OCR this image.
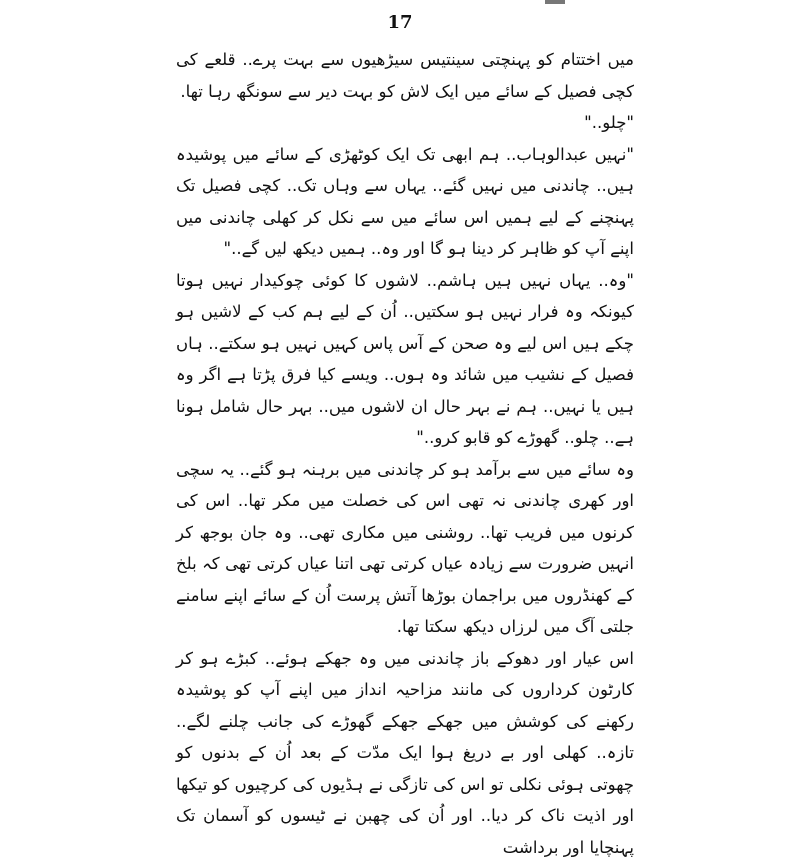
17

میں اختتام کو پہنچتی سینتیس سیڑھیوں سے بہت پرے.. قلعے کی کچی فصیل کے سائے میں ایک لاش کو بہت دیر سے سونگھ رہا تھا.

"چلو.."

"نہیں عبدالوہاب.. ہم ابھی تک ایک کوٹھڑی کے سائے میں پوشیدہ ہیں.. چاندنی میں نہیں گئے.. یہاں سے وہاں تک.. کچی فصیل تک پہنچنے کے لیے ہمیں اس سائے میں سے نکل کر کھلی چاندنی میں اپنے آپ کو ظاہر کر دینا ہو گا اور وہ.. ہمیں دیکھ لیں گے.."

"وہ.. یہاں نہیں ہیں ہاشم.. لاشوں کا کوئی چوکیدار نہیں ہوتا کیونکہ وہ فرار نہیں ہو سکتیں.. اُن کے لیے ہم کب کے لاشیں ہو چکے ہیں اس لیے وہ صحن کے آس پاس کہیں نہیں ہو سکتے.. ہاں فصیل کے نشیب میں شائد وہ ہوں.. ویسے کیا فرق پڑتا ہے اگر وہ ہیں یا نہیں.. ہم نے بہر حال ان لاشوں میں.. بہر حال شامل ہونا ہے.. چلو.. گھوڑے کو قابو کرو.."

وہ سائے میں سے برآمد ہو کر چاندنی میں برہنہ ہو گئے.. یہ سچی اور کھری چاندنی نہ تھی اس کی خصلت میں مکر تھا.. اس کی کرنوں میں فریب تھا.. روشنی میں مکاری تھی.. وہ جان بوجھ کر انہیں ضرورت سے زیادہ عیاں کرتی تھی اتنا عیاں کرتی تھی کہ بلخ کے کھنڈروں میں براجمان بوڑھا آتش پرست اُن کے سائے اپنے سامنے جلتی آگ میں لرزاں دیکھ سکتا تھا.

اس عیار اور دھوکے باز چاندنی میں وہ جھکے ہوئے.. کبڑے ہو کر کارٹون کرداروں کی مانند مزاحیہ انداز میں اپنے آپ کو پوشیدہ رکھنے کی کوشش میں جھکے جھکے گھوڑے کی جانب چلنے لگے.. تازہ.. کھلی اور بے دریغ ہوا ایک مدّت کے بعد اُن کے بدنوں کو چھوتی ہوئی نکلی تو اس کی تازگی نے ہڈیوں کی کرچیوں کو تیکھا اور اذیت ناک کر دیا.. اور اُن کی چھبن نے ٹیسوں کو آسمان تک پہنچایا اور برداشت
